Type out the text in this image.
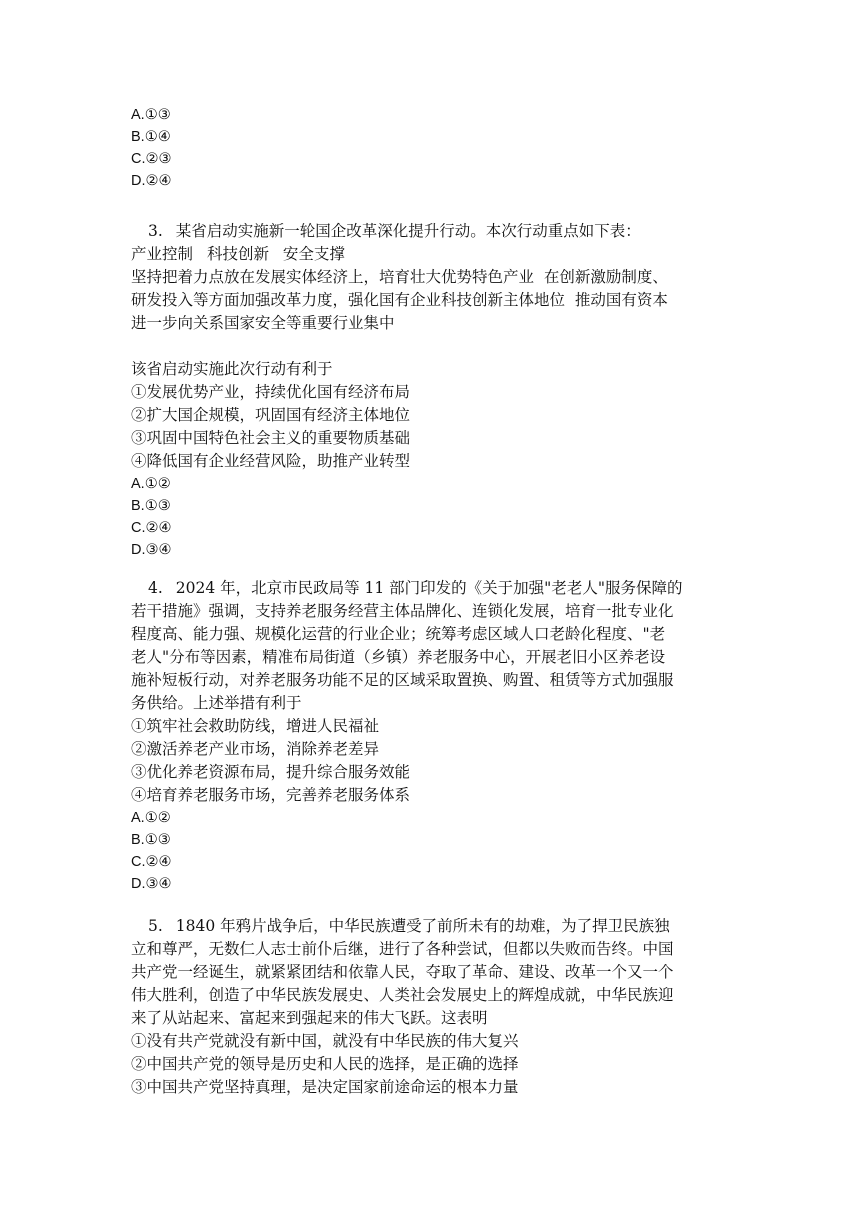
A.①③
B.①④
C.②③
D.②④
3. 某省启动实施新一轮国企改革深化提升行动。本次行动重点如下表：
产业控制 科技创新 安全支撑
坚持把着力点放在发展实体经济上，培育壮大优势特色产业  在创新激励制度、
研发投入等方面加强改革力度，强化国有企业科技创新主体地位  推动国有资本
进一步向关系国家安全等重要行业集中
该省启动实施此次行动有利于
①发展优势产业，持续优化国有经济布局
②扩大国企规模，巩固国有经济主体地位
③巩固中国特色社会主义的重要物质基础
④降低国有企业经营风险，助推产业转型
A.①②
B.①③
C.②④
D.③④
4. 2024 年，北京市民政局等 11 部门印发的《关于加强"老老人"服务保障的
若干措施》强调，支持养老服务经营主体品牌化、连锁化发展，培育一批专业化
程度高、能力强、规模化运营的行业企业；统筹考虑区域人口老龄化程度、"老
老人"分布等因素，精准布局街道（乡镇）养老服务中心，开展老旧小区养老设
施补短板行动，对养老服务功能不足的区域采取置换、购置、租赁等方式加强服
务供给。上述举措有利于
①筑牢社会救助防线，增进人民福祉
②激活养老产业市场，消除养老差异
③优化养老资源布局，提升综合服务效能
④培育养老服务市场，完善养老服务体系
A.①②
B.①③
C.②④
D.③④
5. 1840 年鸦片战争后，中华民族遭受了前所未有的劫难，为了捍卫民族独
立和尊严，无数仁人志士前仆后继，进行了各种尝试，但都以失败而告终。中国
共产党一经诞生，就紧紧团结和依靠人民，夺取了革命、建设、改革一个又一个
伟大胜利，创造了中华民族发展史、人类社会发展史上的辉煌成就，中华民族迎
来了从站起来、富起来到强起来的伟大飞跃。这表明
①没有共产党就没有新中国，就没有中华民族的伟大复兴
②中国共产党的领导是历史和人民的选择，是正确的选择
③中国共产党坚持真理，是决定国家前途命运的根本力量
